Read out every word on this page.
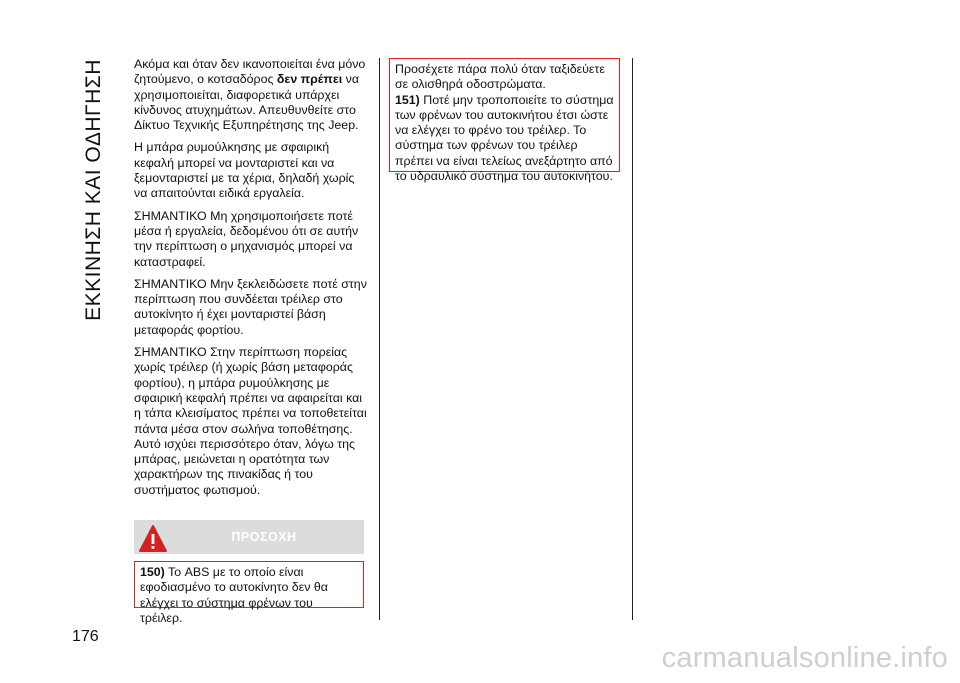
ΕΚΚΙΝΗΣΗ ΚΑΙ ΟΔΗΓΗΣΗ
176

Ακόμα και όταν δεν ικανοποιείται ένα μόνο ζητούμενο, ο κοτσαδόρος δεν πρέπει να χρησιμοποιείται, διαφορετικά υπάρχει κίνδυνος ατυχημάτων. Απευθυνθείτε στο Δίκτυο Τεχνικής Εξυπηρέτησης της Jeep.

Η μπάρα ρυμούλκησης με σφαιρική κεφαλή μπορεί να μονταριστεί και να ξεμονταριστεί με τα χέρια, δηλαδή χωρίς να απαιτούνται ειδικά εργαλεία.

ΣΗΜΑΝΤΙΚΟ Μη χρησιμοποιήσετε ποτέ μέσα ή εργαλεία, δεδομένου ότι σε αυτήν την περίπτωση ο μηχανισμός μπορεί να καταστραφεί.

ΣΗΜΑΝΤΙΚΟ Μην ξεκλειδώσετε ποτέ στην περίπτωση που συνδέεται τρέιλερ στο αυτοκίνητο ή έχει μονταριστεί βάση μεταφοράς φορτίου.

ΣΗΜΑΝΤΙΚΟ Στην περίπτωση πορείας χωρίς τρέιλερ (ή χωρίς βάση μεταφοράς φορτίου), η μπάρα ρυμούλκησης με σφαιρική κεφαλή πρέπει να αφαιρείται και η τάπα κλεισίματος πρέπει να τοποθετείται πάντα μέσα στον σωλήνα τοποθέτησης. Αυτό ισχύει περισσότερο όταν, λόγω της μπάρας, μειώνεται η ορατότητα των χαρακτήρων της πινακίδας ή του συστήματος φωτισμού.

ΠΡΟΣΟΧΗ
150) Το ABS με το οποίο είναι εφοδιασμένο το αυτοκίνητο δεν θα ελέγχει το σύστημα φρένων του τρέιλερ.
Προσέχετε πάρα πολύ όταν ταξιδεύετε σε ολισθηρά οδοστρώματα.
151) Ποτέ μην τροποποιείτε το σύστημα των φρένων του αυτοκινήτου έτσι ώστε να ελέγχει το φρένο του τρέιλερ. Το σύστημα των φρένων του τρέιλερ πρέπει να είναι τελείως ανεξάρτητο από το υδραυλικό σύστημα του αυτοκινήτου.
carmanualsonline.info
